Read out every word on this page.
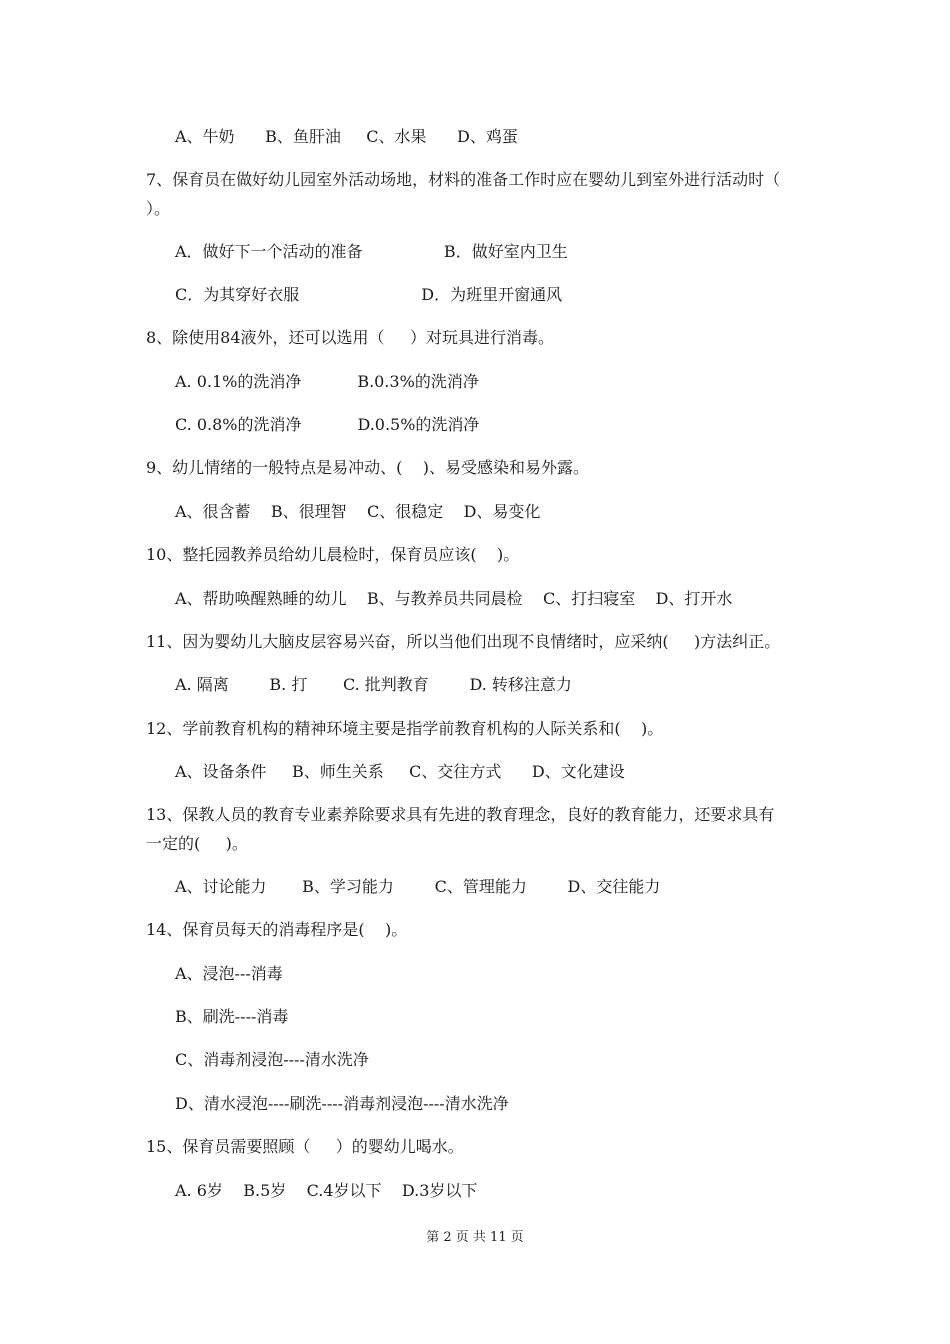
A、牛奶      B、鱼肝油     C、水果      D、鸡蛋
7、保育员在做好幼儿园室外活动场地，材料的准备工作时应在婴幼儿到室外进行活动时（
）。
A．做好下一个活动的准备                B．做好室内卫生
C．为其穿好衣服                        D．为班里开窗通风
8、除使用84液外，还可以选用（     ）对玩具进行消毒。
A. 0.1%的洗消净           B.0.3%的洗消净
C. 0.8%的洗消净           D.0.5%的洗消净
9、幼儿情绪的一般特点是易冲动、(    )、易受感染和易外露。
A、很含蓄    B、很理智    C、很稳定    D、易变化
10、整托园教养员给幼儿晨检时，保育员应该(    )。
A、帮助唤醒熟睡的幼儿    B、与教养员共同晨检    C、打扫寝室    D、打开水
11、因为婴幼儿大脑皮层容易兴奋，所以当他们出现不良情绪时，应采纳(     )方法纠正。
A. 隔离        B. 打       C. 批判教育        D. 转移注意力
12、学前教育机构的精神环境主要是指学前教育机构的人际关系和(    )。
A、设备条件     B、师生关系     C、交往方式      D、文化建设
13、保教人员的教育专业素养除要求具有先进的教育理念，良好的教育能力，还要求具有
一定的(     )。
A、讨论能力       B、学习能力        C、管理能力        D、交往能力
14、保育员每天的消毒程序是(    )。
A、浸泡---消毒
B、刷洗----消毒
C、消毒剂浸泡----清水洗净
D、清水浸泡----刷洗----消毒剂浸泡----清水洗净
15、保育员需要照顾（     ）的婴幼儿喝水。
A. 6岁    B.5岁    C.4岁以下    D.3岁以下
第 2 页 共 11 页
